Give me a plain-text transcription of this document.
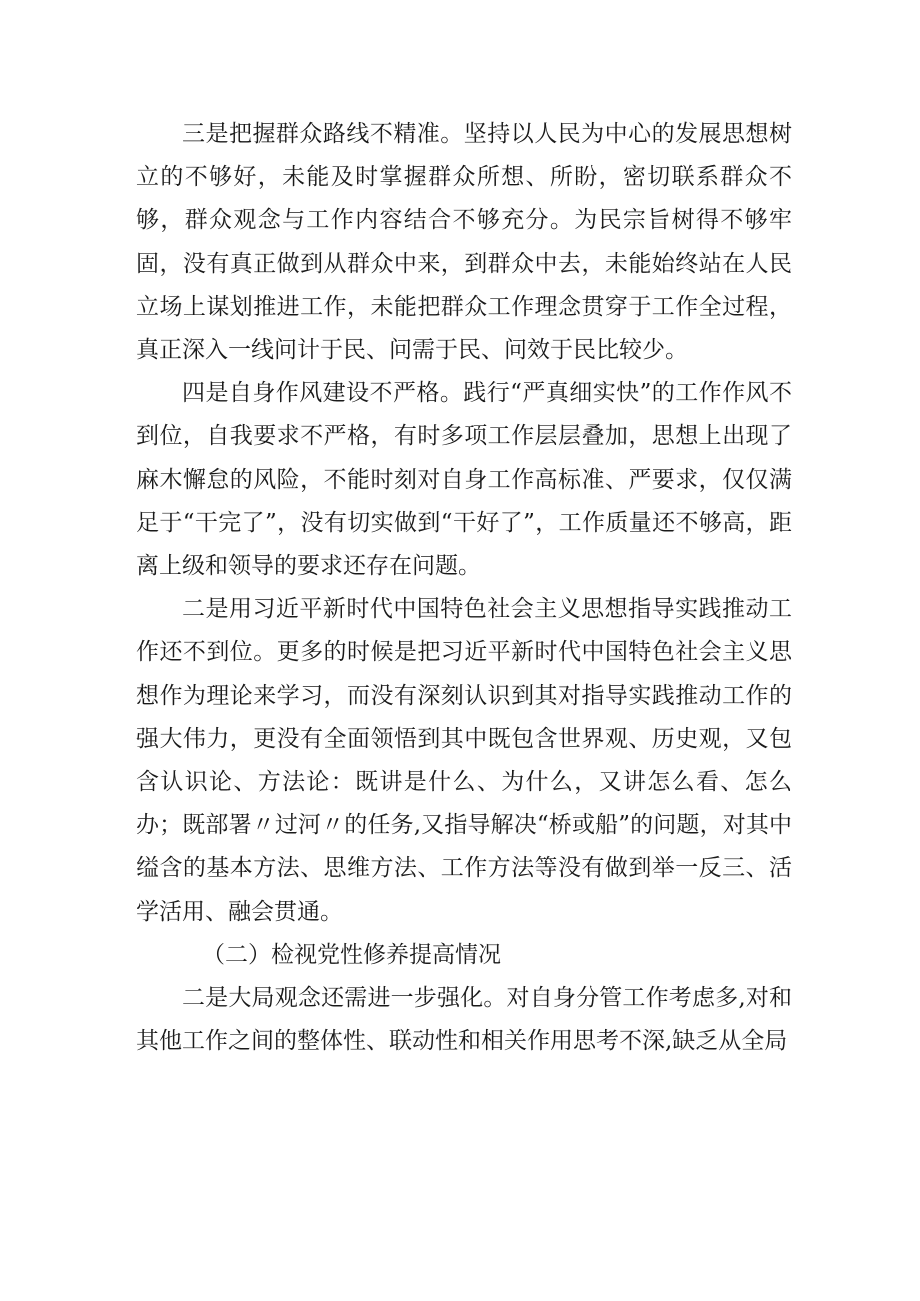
三是把握群众路线不精准。坚持以人民为中心的发展思想树立的不够好，未能及时掌握群众所想、所盼，密切联系群众不够，群众观念与工作内容结合不够充分。为民宗旨树得不够牢固，没有真正做到从群众中来，到群众中去，未能始终站在人民立场上谋划推进工作，未能把群众工作理念贯穿于工作全过程，真正深入一线问计于民、问需于民、问效于民比较少。

四是自身作风建设不严格。践行“严真细实快”的工作作风不到位，自我要求不严格，有时多项工作层层叠加，思想上出现了麻木懈怠的风险，不能时刻对自身工作高标准、严要求，仅仅满足于“干完了”，没有切实做到“干好了”，工作质量还不够高，距离上级和领导的要求还存在问题。

二是用习近平新时代中国特色社会主义思想指导实践推动工作还不到位。更多的时候是把习近平新时代中国特色社会主义思想作为理论来学习，而没有深刻认识到其对指导实践推动工作的强大伟力，更没有全面领悟到其中既包含世界观、历史观，又包含认识论、方法论：既讲是什么、为什么，又讲怎么看、怎么办；既部署〃过河〃的任务,又指导解决“桥或船”的问题，对其中缢含的基本方法、思维方法、工作方法等没有做到举一反三、活学活用、融会贯通。

（二）检视党性修养提高情况

二是大局观念还需进一步强化。对自身分管工作考虑多,对和其他工作之间的整体性、联动性和相关作用思考不深,缺乏从全局
